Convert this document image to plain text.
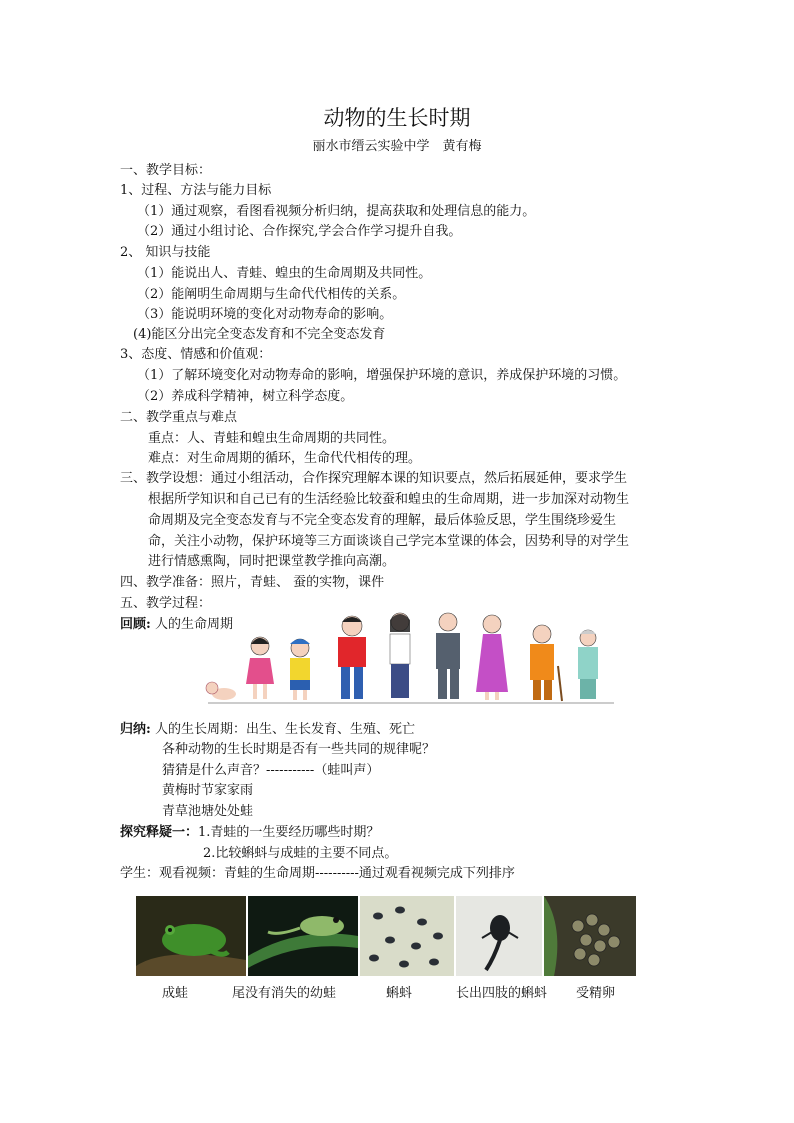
动物的生长时期
丽水市缙云实验中学　黄有梅
一、教学目标：
1、过程、方法与能力目标
（1）通过观察，看图看视频分析归纳，提高获取和处理信息的能力。
（2）通过小组讨论、合作探究,学会合作学习提升自我。
2、 知识与技能
（1）能说出人、青蛙、蝗虫的生命周期及共同性。
（2）能阐明生命周期与生命代代相传的关系。
（3）能说明环境的变化对动物寿命的影响。
(4)能区分出完全变态发育和不完全变态发育
3、态度、情感和价值观：
（1）了解环境变化对动物寿命的影响，增强保护环境的意识，养成保护环境的习惯。
（2）养成科学精神，树立科学态度。
二、教学重点与难点
重点：人、青蛙和蝗虫生命周期的共同性。
难点：对生命周期的循环，生命代代相传的理。
三、教学设想：通过小组活动，合作探究理解本课的知识要点，然后拓展延伸，要求学生
根据所学知识和自己已有的生活经验比较蚕和蝗虫的生命周期，进一步加深对动物生
命周期及完全变态发育与不完全变态发育的理解，最后体验反思，学生围绕珍爱生
命，关注小动物，保护环境等三方面谈谈自己学完本堂课的体会，因势利导的对学生
进行情感熏陶，同时把课堂教学推向高潮。
四、教学准备：照片，青蛙、 蚕的实物，课件
五、教学过程：
回顾: 人的生命周期
归纳: 人的生长周期：出生、生长发育、生殖、死亡
各种动物的生长时期是否有一些共同的规律呢？
猜猜是什么声音？-----------（蛙叫声）
黄梅时节家家雨
青草池塘处处蛙
探究释疑一：1.青蛙的一生要经历哪些时期？
2.比较蝌蚪与成蛙的主要不同点。
学生：观看视频：青蛙的生命周期----------通过观看视频完成下列排序
成蛙	尾没有消失的幼蛙	蝌蚪	长出四肢的蝌蚪 受精卵
